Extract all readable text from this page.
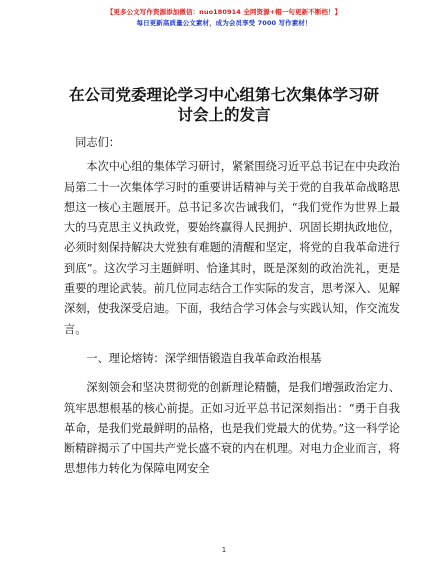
【更多公文写作资源添加微信：nuo180914 全网资源+帽一句更新不断档！】
每日更新高质量公文素材，成为会员享受 7000 写作素材！
在公司党委理论学习中心组第七次集体学习研
讨会上的发言

同志们：

本次中心组的集体学习研讨，紧紧围绕习近平总书记在中央政治局第二十一次集体学习时的重要讲话精神与关于党的自我革命战略思想这一核心主题展开。总书记多次告诫我们，“我们党作为世界上最大的马克思主义执政党，要始终赢得人民拥护、巩固长期执政地位，必须时刻保持解决大党独有难题的清醒和坚定，将党的自我革命进行到底”。这次学习主题鲜明、恰逢其时，既是深刻的政治洗礼，更是重要的理论武装。前几位同志结合工作实际的发言，思考深入、见解深刻，使我深受启迪。下面，我结合学习体会与实践认知，作交流发言。

一、理论熔铸：深学细悟锻造自我革命政治根基

深刻领会和坚决贯彻党的创新理论精髓，是我们增强政治定力、筑牢思想根基的核心前提。正如习近平总书记深刻指出：“勇于自我革命，是我们党最鲜明的品格，也是我们党最大的优势。”这一科学论断精辟揭示了中国共产党长盛不衰的内在机理。对电力企业而言，将思想伟力转化为保障电网安全

1
